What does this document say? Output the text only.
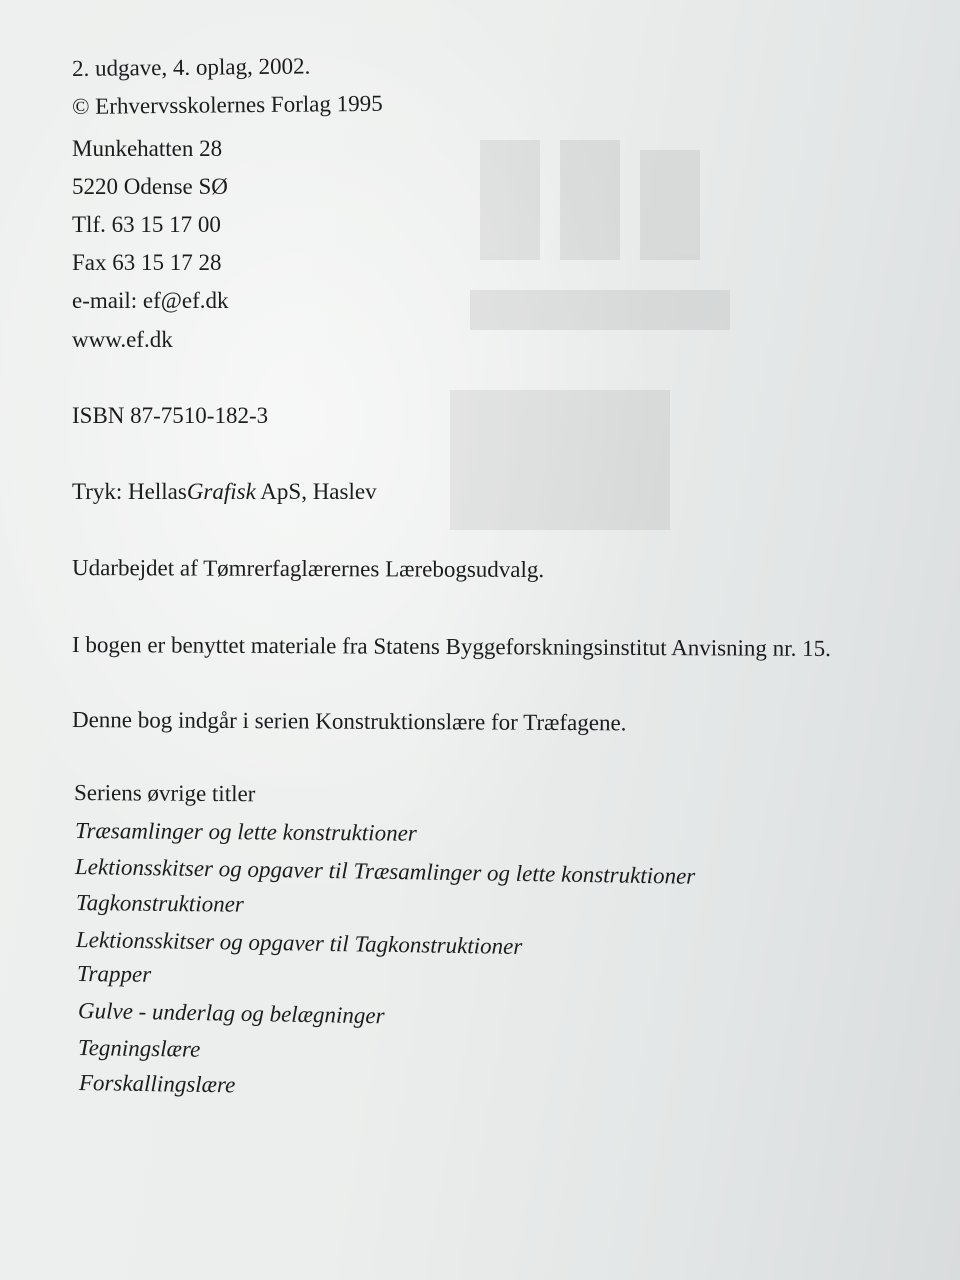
2. udgave, 4. oplag, 2002.
© Erhvervsskolernes Forlag 1995
Munkehatten 28
5220 Odense SØ
Tlf. 63 15 17 00
Fax 63 15 17 28
e-mail: ef@ef.dk
www.ef.dk
ISBN 87-7510-182-3
Tryk: HellasGrafisk ApS, Haslev
Udarbejdet af Tømrerfaglærernes Lærebogsudvalg.
I bogen er benyttet materiale fra Statens Byggeforskningsinstitut Anvisning nr. 15.
Denne bog indgår i serien Konstruktionslære for Træfagene.
Seriens øvrige titler
Træsamlinger og lette konstruktioner
Lektionsskitser og opgaver til Træsamlinger og lette konstruktioner
Tagkonstruktioner
Lektionsskitser og opgaver til Tagkonstruktioner
Trapper
Gulve - underlag og belægninger
Tegningslære
Forskallingslære
